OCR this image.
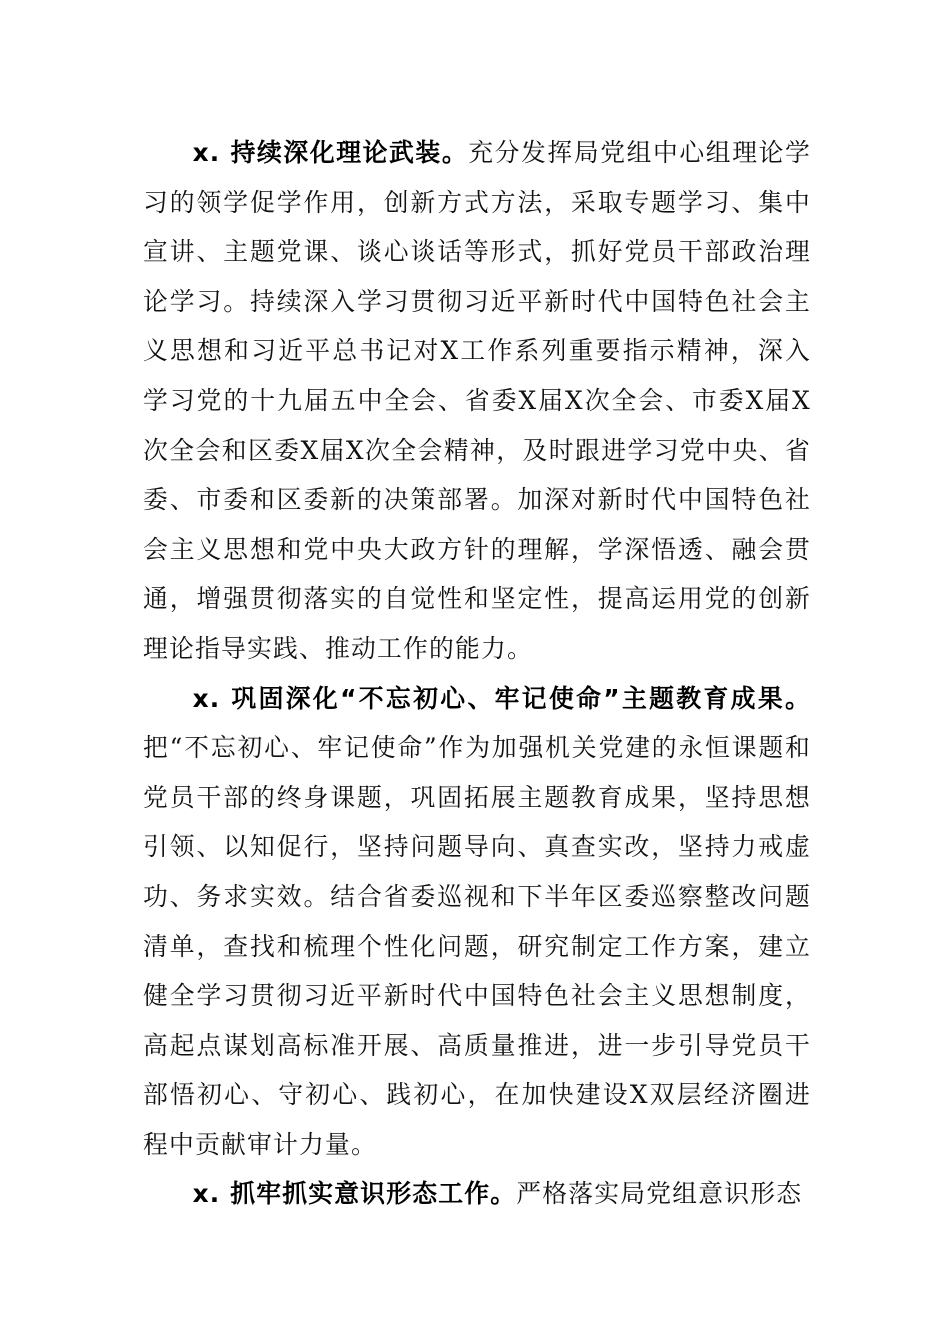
x. 持续深化理论武装。充分发挥局党组中心组理论学习的领学促学作用，创新方式方法，采取专题学习、集中宣讲、主题党课、谈心谈话等形式，抓好党员干部政治理论学习。持续深入学习贯彻习近平新时代中国特色社会主义思想和习近平总书记对X工作系列重要指示精神，深入学习党的十九届五中全会、省委X届X次全会、市委X届X次全会和区委X届X次全会精神，及时跟进学习党中央、省委、市委和区委新的决策部署。加深对新时代中国特色社会主义思想和党中央大政方针的理解，学深悟透、融会贯通，增强贯彻落实的自觉性和坚定性，提高运用党的创新理论指导实践、推动工作的能力。

x. 巩固深化“不忘初心、牢记使命”主题教育成果。把“不忘初心、牢记使命”作为加强机关党建的永恒课题和党员干部的终身课题，巩固拓展主题教育成果，坚持思想引领、以知促行，坚持问题导向、真查实改，坚持力戒虚功、务求实效。结合省委巡视和下半年区委巡察整改问题清单，查找和梳理个性化问题，研究制定工作方案，建立健全学习贯彻习近平新时代中国特色社会主义思想制度，高起点谋划高标准开展、高质量推进，进一步引导党员干部悟初心、守初心、践初心，在加快建设X双层经济圈进程中贡献审计力量。

x. 抓牢抓实意识形态工作。严格落实局党组意识形态
